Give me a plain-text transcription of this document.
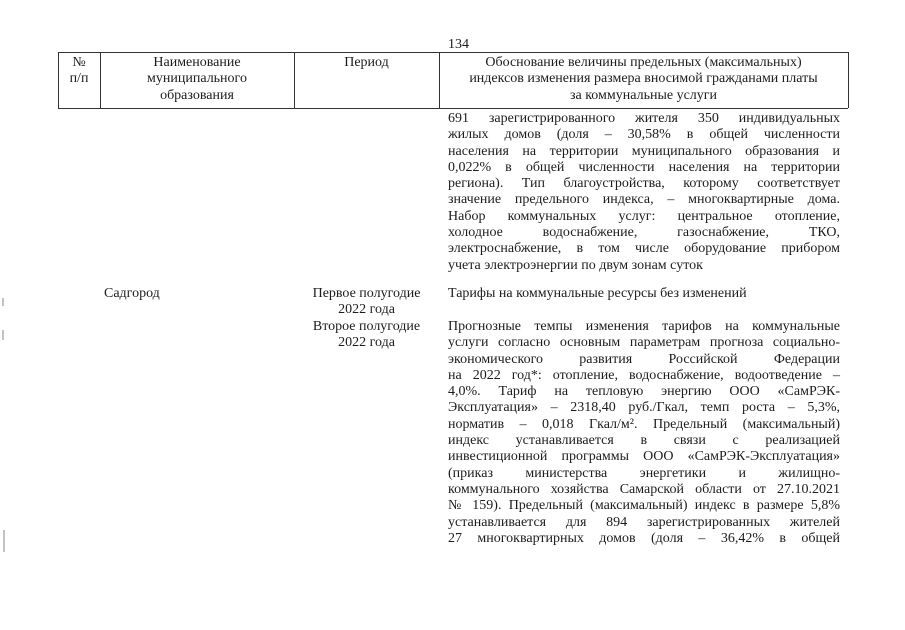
134
№
п/п
Наименование
муниципального
образования
Период	Обоснование величины предельных (максимальных)
индексов изменения размера вносимой гражданами платы
за коммунальные услуги
691 зарегистрированного жителя 350 индивидуальных
жилых домов (доля – 30,58% в общей численности
населения на территории муниципального образования и
0,022% в общей численности населения на территории
региона). Тип благоустройства, которому соответствует
значение предельного индекса, – многоквартирные дома.
Набор коммунальных услуг: центральное отопление,
холодное водоснабжение, газоснабжение, ТКО,
электроснабжение, в том числе оборудование прибором
учета электроэнергии по двум зонам суток
Садгород	Первое полугодие
2022 года
Тарифы на коммунальные ресурсы без изменений
Второе полугодие
2022 года
Прогнозные темпы изменения тарифов на коммунальные
услуги согласно основным параметрам прогноза социально-
экономического развития Российской Федерации
на 2022 год*: отопление, водоснабжение, водоотведение –
4,0%. Тариф на тепловую энергию ООО «СамРЭК-
Эксплуатация» – 2318,40 руб./Гкал, темп роста – 5,3%,
норматив – 0,018 Гкал/м². Предельный (максимальный)
индекс устанавливается в связи с реализацией
инвестиционной программы ООО «СамРЭК-Эксплуатация»
(приказ министерства энергетики и жилищно-
коммунального хозяйства Самарской области от 27.10.2021
№ 159). Предельный (максимальный) индекс в размере 5,8%
устанавливается для 894 зарегистрированных жителей
27 многоквартирных домов (доля – 36,42% в общей
